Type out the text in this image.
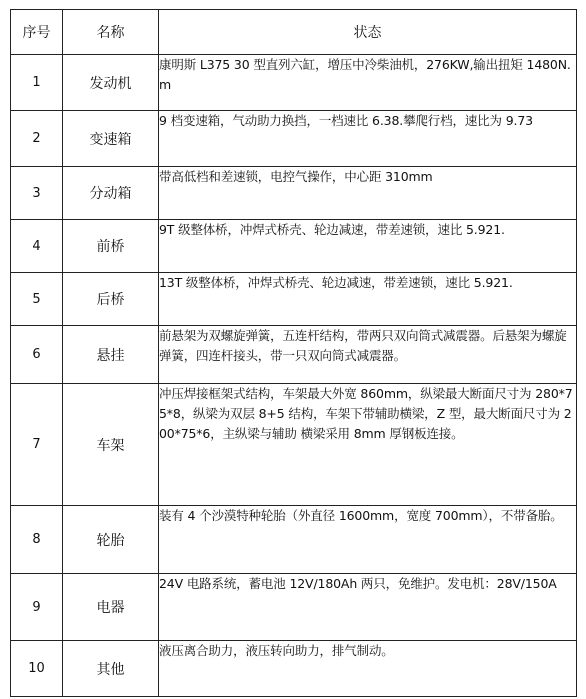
序号	名称	状态
1	发动机	康明斯 L375 30 型直列六缸，增压中冷柴油机，276KW,输出扭矩 1480N.m
2	变速箱	9 档变速箱，气动助力换挡，一档速比 6.38.攀爬行档，速比为 9.73
3	分动箱	带高低档和差速锁，电控气操作，中心距 310mm
4	前桥	9T 级整体桥，冲焊式桥壳、轮边减速，带差速锁，速比 5.921.
5	后桥	13T 级整体桥，冲焊式桥壳、轮边减速，带差速锁，速比 5.921.
6	悬挂	前悬架为双螺旋弹簧，五连杆结构，带两只双向筒式减震器。后悬架为螺旋弹簧，四连杆接头，带一只双向筒式减震器。
7	车架	冲压焊接框架式结构，车架最大外宽 860mm，纵梁最大断面尺寸为 280*75*8，纵梁为双层 8+5 结构，车架下带辅助横梁，Z 型，最大断面尺寸为 200*75*6，主纵梁与辅助 横梁采用 8mm 厚钢板连接。
8	轮胎	装有 4 个沙漠特种轮胎（外直径 1600mm，宽度 700mm），不带备胎。
9	电器	24V 电路系统，蓄电池 12V/180Ah 两只，免维护。发电机：28V/150A
10	其他	液压离合助力，液压转向助力，排气制动。
